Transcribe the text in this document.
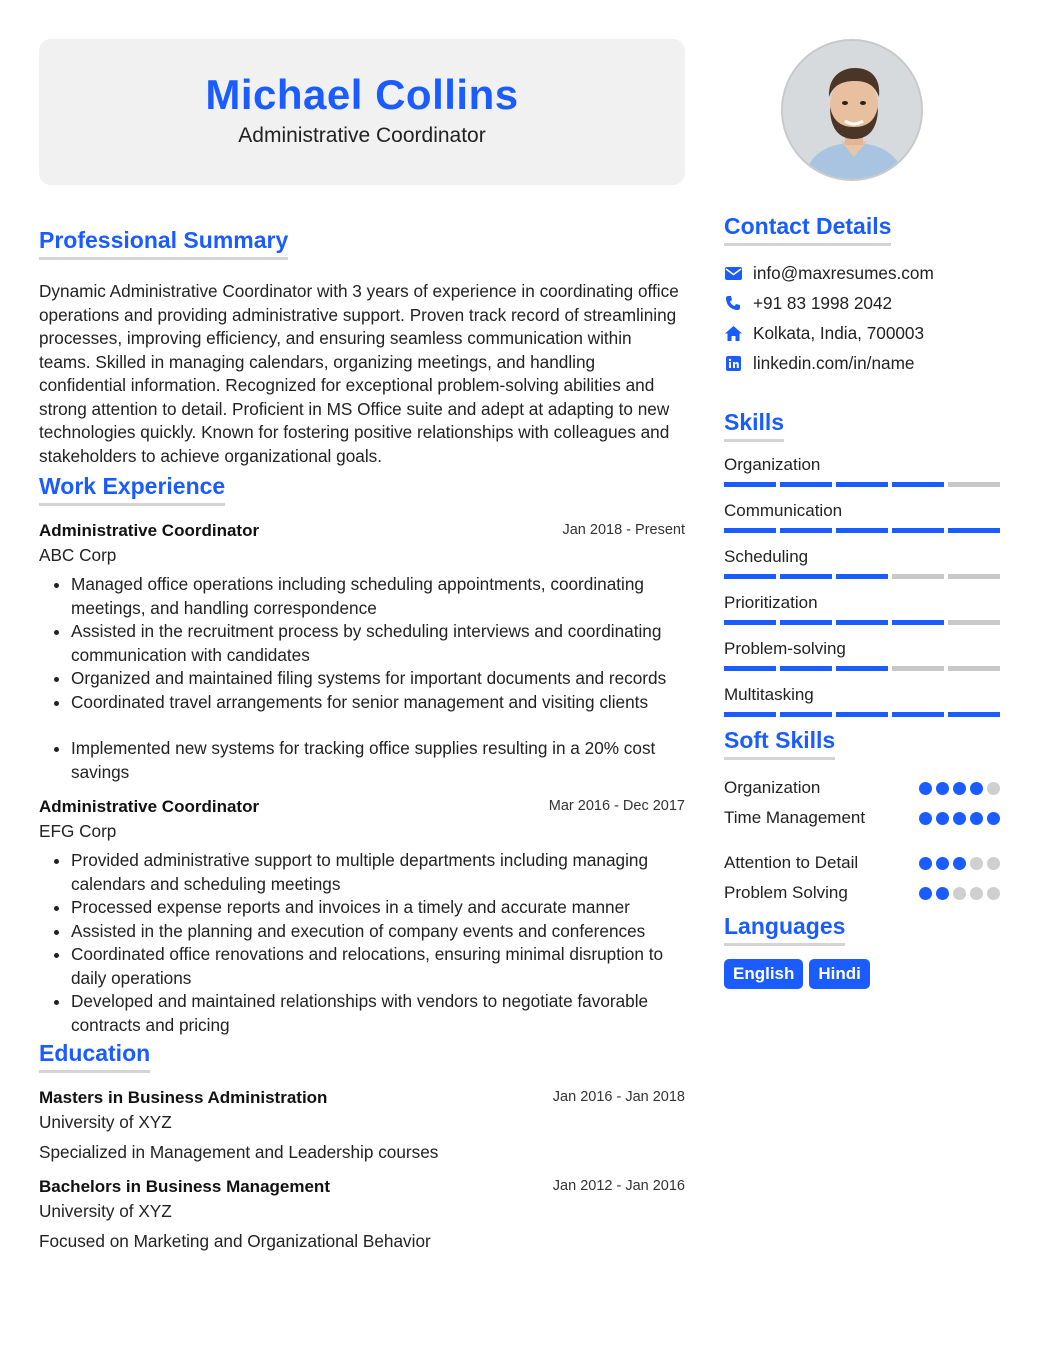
Michael Collins
Administrative Coordinator
Professional Summary

Dynamic Administrative Coordinator with 3 years of experience in coordinating office operations and providing administrative support. Proven track record of streamlining processes, improving efficiency, and ensuring seamless communication within teams. Skilled in managing calendars, organizing meetings, and handling confidential information. Recognized for exceptional problem-solving abilities and strong attention to detail. Proficient in MS Office suite and adept at adapting to new technologies quickly. Known for fostering positive relationships with colleagues and stakeholders to achieve organizational goals.

Work Experience
Administrative Coordinator	Jan 2018 - Present
ABC Corp
• Managed office operations including scheduling appointments, coordinating meetings, and handling correspondence
• Assisted in the recruitment process by scheduling interviews and coordinating communication with candidates
• Organized and maintained filing systems for important documents and records
• Coordinated travel arrangements for senior management and visiting clients
• Implemented new systems for tracking office supplies resulting in a 20% cost savings
Administrative Coordinator	Mar 2016 - Dec 2017
EFG Corp
• Provided administrative support to multiple departments including managing calendars and scheduling meetings
• Processed expense reports and invoices in a timely and accurate manner
• Assisted in the planning and execution of company events and conferences
• Coordinated office renovations and relocations, ensuring minimal disruption to daily operations
• Developed and maintained relationships with vendors to negotiate favorable contracts and pricing
Education
Masters in Business Administration	Jan 2016 - Jan 2018
University of XYZ
Specialized in Management and Leadership courses
Bachelors in Business Management	Jan 2012 - Jan 2016
University of XYZ
Focused on Marketing and Organizational Behavior
Contact Details
info@maxresumes.com
+91 83 1998 2042
Kolkata, India, 700003
linkedin.com/in/name
Skills
Organization
Communication
Scheduling
Prioritization
Problem-solving
Multitasking
Soft Skills
Organization
Time Management
Attention to Detail
Problem Solving
Languages
English	Hindi
